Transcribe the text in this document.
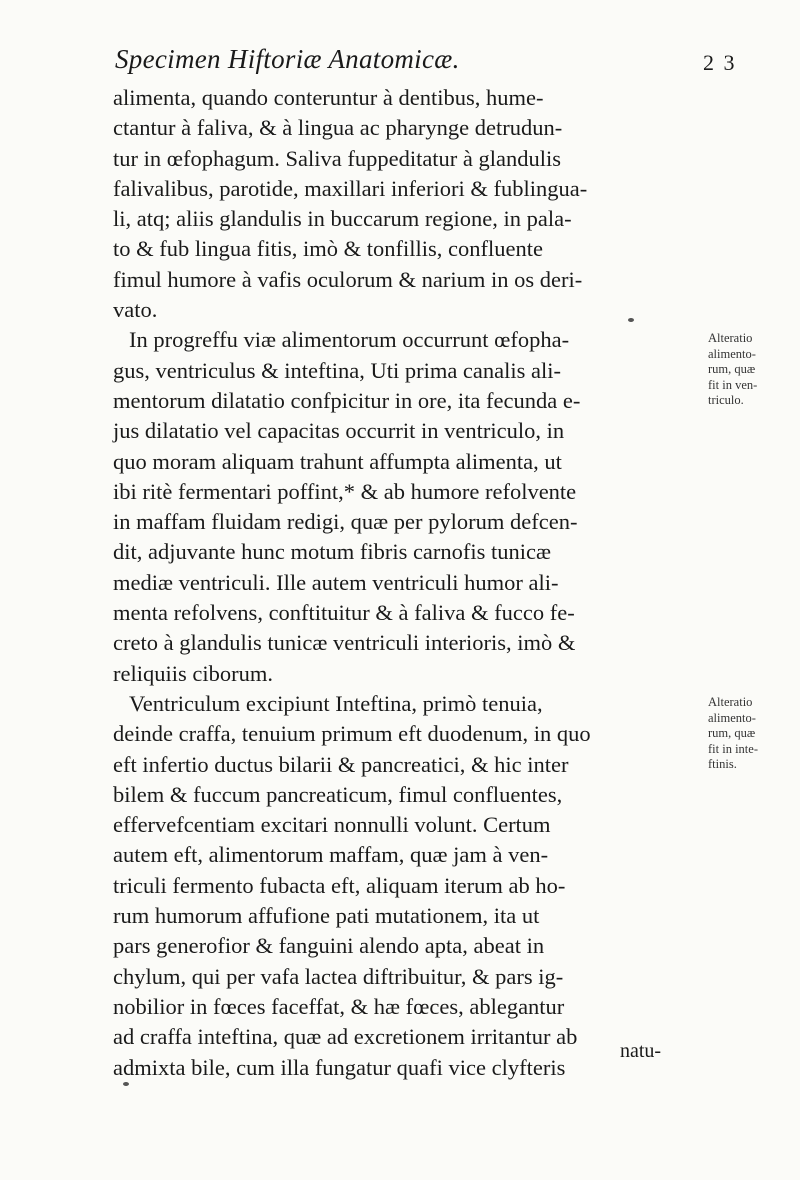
Specimen Hiftoriæ Anatomicæ.	2 3
alimenta, quando conteruntur à dentibus, hume-
ctantur à faliva, & à lingua ac pharynge detrudun-
tur in œfophagum. Saliva fuppeditatur à glandulis
falivalibus, parotide, maxillari inferiori & fublingua-
li, atq; aliis glandulis in buccarum regione, in palа-
to & fub lingua fitis, imò & tonfillis, confluente
fimul humore à vafis oculorum & narium in os deri-
vato.
In progreffu viæ alimentorum occurrunt œfopha-
gus, ventriculus & inteftina, Uti prima canalis ali-
mentorum dilatatio confpicitur in ore, ita fecunda e-
jus dilatatio vel capacitas occurrit in ventriculo, in
quo moram aliquam trahunt affumpta alimenta, ut
ibi ritè fermentari poffint,* & ab humore refolvente
in maffam fluidam redigi, quæ per pylorum defcen-
dit, adjuvante hunc motum fibris carnofis tunicæ
mediæ ventriculi. Ille autem ventriculi humor ali-
menta refolvens, conftituitur & à faliva & fucco fe-
creto à glandulis tunicæ ventriculi interioris, imò &
reliquiis ciborum.
Ventriculum excipiunt Inteftina, primò tenuia,
deinde craffa, tenuium primum eft duodenum, in quo
eft infertio ductus bilarii & pancreatici, & hic inter
bilem & fuccum pancreaticum, fimul confluentes,
effervefcentiam excitari nonnulli volunt. Certum
autem eft, alimentorum maffam, quæ jam à ven-
triculi fermento fubacta eft, aliquam iterum ab ho-
rum humorum affufione pati mutationem, ita ut
pars generofior & fanguini alendo apta, abeat in
chylum, qui per vafa lactea diftribuitur, & pars ig-
nobilior in fœces faceffat, & hæ fœces, ablegantur
ad craffa inteftina, quæ ad excretionem irritantur ab
admixta bile, cum illa fungatur quafi vice clyfteris
Alteratio
alimento-
rum, quæ
fit in ven-
triculo.
Alteratio
alimento-
rum, quæ
fit in inte-
ftinis.
natu-
